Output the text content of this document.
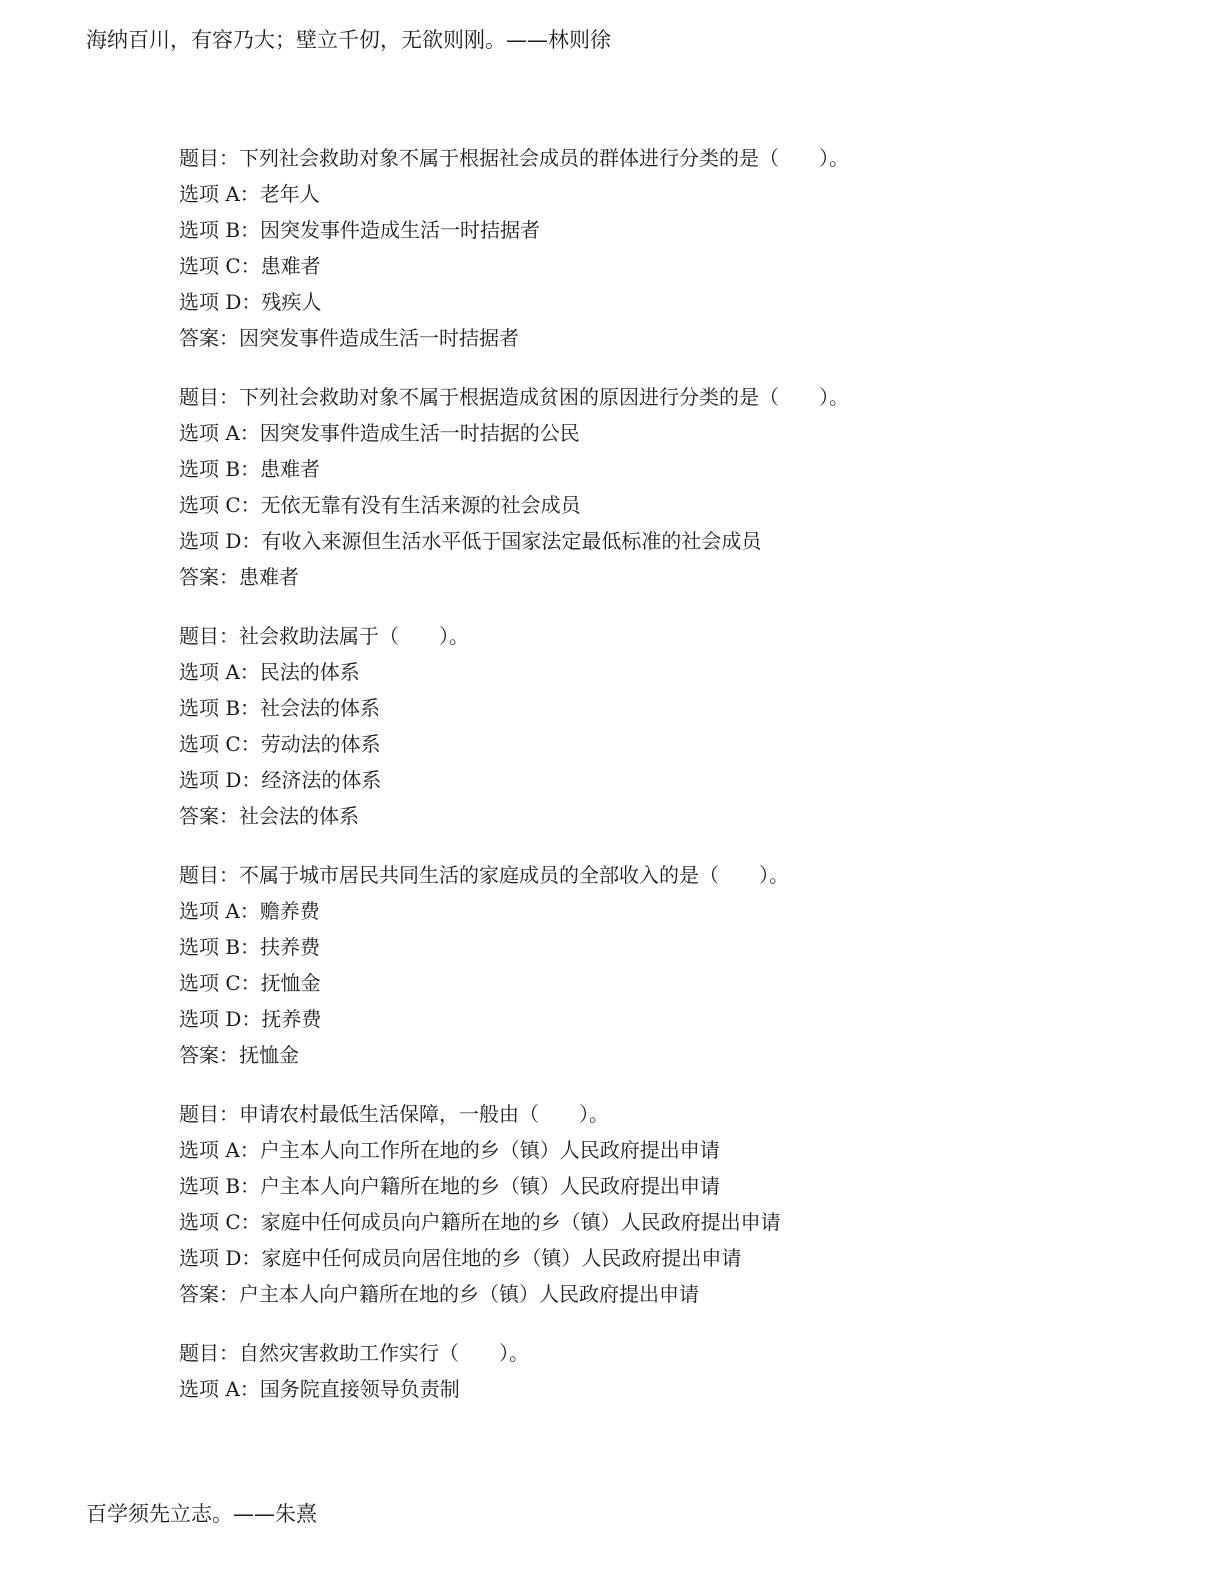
海纳百川，有容乃大；壁立千仞，无欲则刚。——林则徐
题目：下列社会救助对象不属于根据社会成员的群体进行分类的是（　　）。
选项 A：老年人
选项 B：因突发事件造成生活一时拮据者
选项 C：患难者
选项 D：残疾人
答案：因突发事件造成生活一时拮据者
题目：下列社会救助对象不属于根据造成贫困的原因进行分类的是（　　）。
选项 A：因突发事件造成生活一时拮据的公民
选项 B：患难者
选项 C：无依无靠有没有生活来源的社会成员
选项 D：有收入来源但生活水平低于国家法定最低标准的社会成员
答案：患难者
题目：社会救助法属于（　　）。
选项 A：民法的体系
选项 B：社会法的体系
选项 C：劳动法的体系
选项 D：经济法的体系
答案：社会法的体系
题目：不属于城市居民共同生活的家庭成员的全部收入的是（　　）。
选项 A：赡养费
选项 B：扶养费
选项 C：抚恤金
选项 D：抚养费
答案：抚恤金
题目：申请农村最低生活保障，一般由（　　）。
选项 A：户主本人向工作所在地的乡（镇）人民政府提出申请
选项 B：户主本人向户籍所在地的乡（镇）人民政府提出申请
选项 C：家庭中任何成员向户籍所在地的乡（镇）人民政府提出申请
选项 D：家庭中任何成员向居住地的乡（镇）人民政府提出申请
答案：户主本人向户籍所在地的乡（镇）人民政府提出申请
题目：自然灾害救助工作实行（　　）。
选项 A：国务院直接领导负责制
百学须先立志。——朱熹
